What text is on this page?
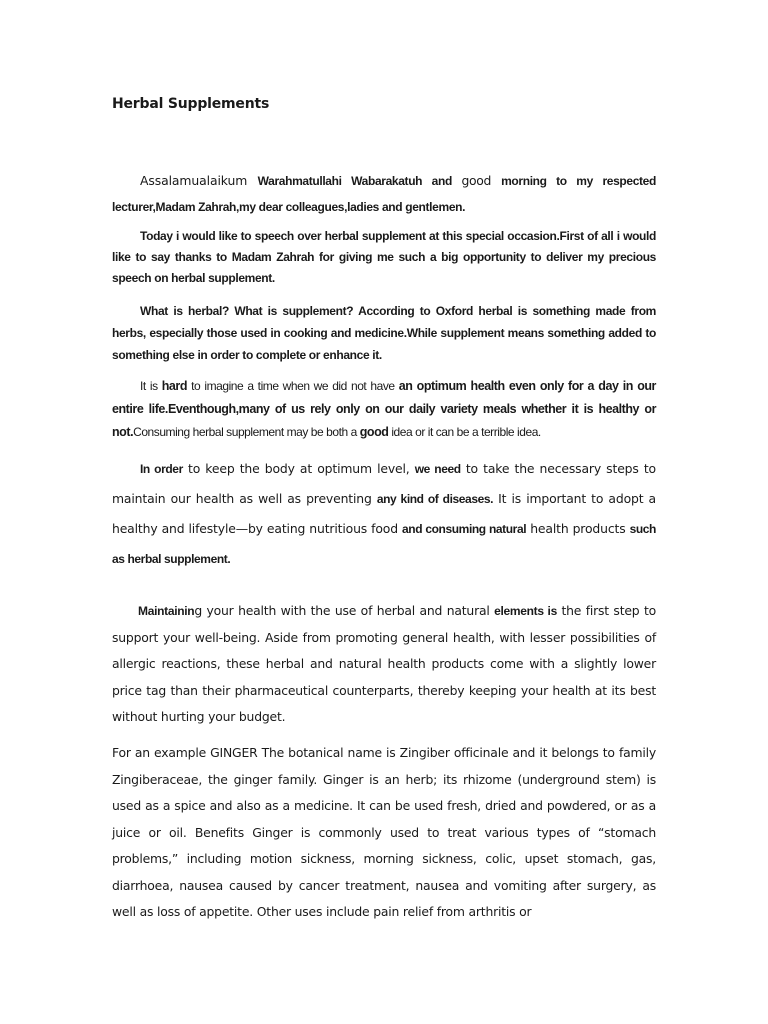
Herbal Supplements

Assalamualaikum Warahmatullahi Wabarakatuh and good morning to my respected lecturer,Madam Zahrah,my dear colleagues,ladies and gentlemen.

Today i would like to speech over herbal supplement at this special occasion.First of all i would like to say thanks to Madam Zahrah for giving me such a big opportunity to deliver my precious speech on herbal supplement.

What is herbal? What is supplement? According to Oxford herbal is something made from herbs, especially those used in cooking and medicine.While supplement means something added to something else in order to complete or enhance it.

It is hard to imagine a time when we did not have an optimum health even only for a day in our entire life.Eventhough,many of us rely only on our daily variety meals whether it is healthy or not.Consuming herbal supplement may be both a good idea or it can be a terrible idea.

In order to keep the body at optimum level, we need to take the necessary steps to maintain our health as well as preventing any kind of diseases. It is important to adopt a healthy and lifestyle—by eating nutritious food and consuming natural health products such as herbal supplement.

Maintaining your health with the use of herbal and natural elements is the first step to support your well-being. Aside from promoting general health, with lesser possibilities of allergic reactions, these herbal and natural health products come with a slightly lower price tag than their pharmaceutical counterparts, thereby keeping your health at its best without hurting your budget.

For an example GINGER The botanical name is Zingiber officinale and it belongs to family Zingiberaceae, the ginger family. Ginger is an herb; its rhizome (underground stem) is used as a spice and also as a medicine. It can be used fresh, dried and powdered, or as a juice or oil. Benefits Ginger is commonly used to treat various types of “stomach problems,” including motion sickness, morning sickness, colic, upset stomach, gas, diarrhoea, nausea caused by cancer treatment, nausea and vomiting after surgery, as well as loss of appetite. Other uses include pain relief from arthritis or
